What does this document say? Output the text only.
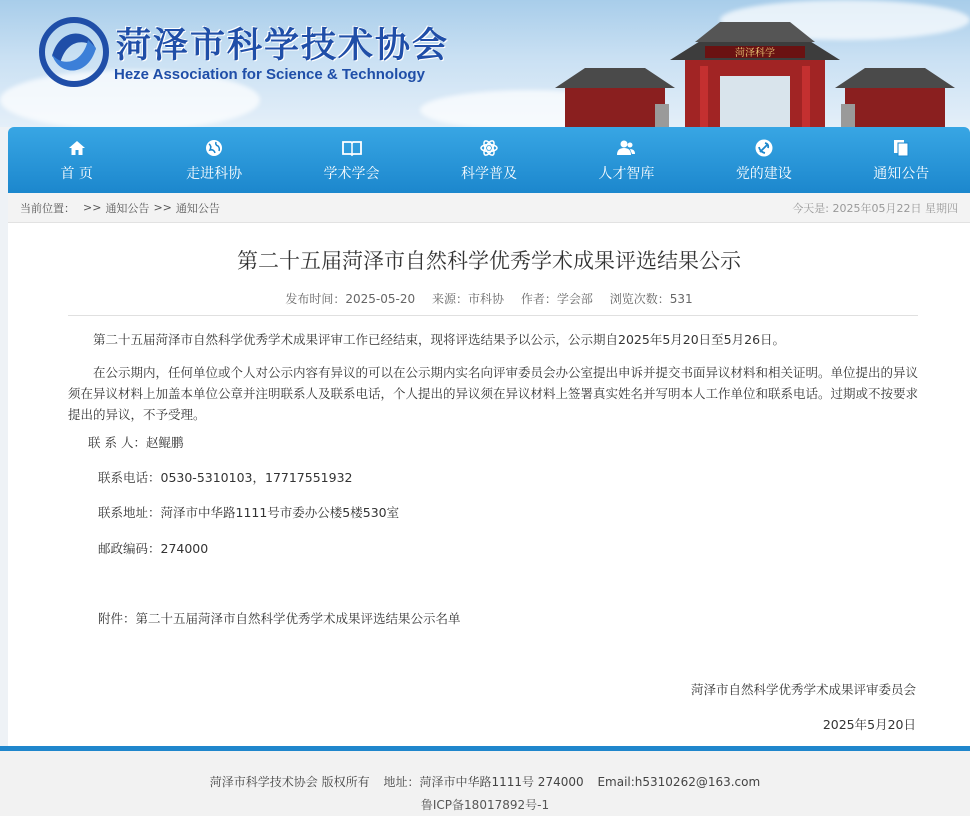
菏泽市科学技术协会
Heze Association for Science & Technology
菏泽科学
首 页	走进科协	学术学会	科学普及	人才智库	党的建设	通知公告
当前位置： >> 通知公告 >> 通知公告	今天是: 2025年05月22日 星期四
第二十五届菏泽市自然科学优秀学术成果评选结果公示
发布时间：2025-05-20 来源：市科协 作者：学会部 浏览次数：531

第二十五届菏泽市自然科学优秀学术成果评审工作已经结束，现将评选结果予以公示，公示期自2025年5月20日至5月26日。

在公示期内，任何单位或个人对公示内容有异议的可以在公示期内实名向评审委员会办公室提出申诉并提交书面异议材料和相关证明。单位提出的异议须在异议材料上加盖本单位公章并注明联系人及联系电话，个人提出的异议须在异议材料上签署真实姓名并写明本人工作单位和联系电话。过期或不按要求提出的异议，不予受理。

联 系 人：赵鲲鹏
联系电话：0530-5310103，17717551932
联系地址：菏泽市中华路1111号市委办公楼5楼530室
邮政编码：274000
附件：第二十五届菏泽市自然科学优秀学术成果评选结果公示名单
菏泽市自然科学优秀学术成果评审委员会
2025年5月20日
菏泽市科学技术协会 版权所有 地址：菏泽市中华路1111号 274000 Email:h5310262@163.com
鲁ICP备18017892号-1
